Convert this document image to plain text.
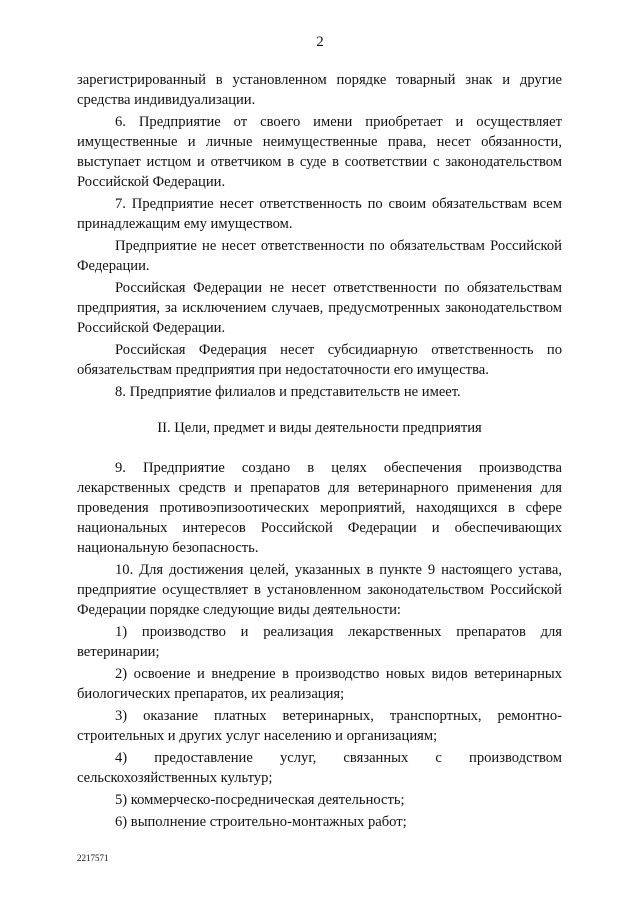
2

зарегистрированный в установленном порядке товарный знак и другие средства индивидуализации.

6. Предприятие от своего имени приобретает и осуществляет имущественные и личные неимущественные права, несет обязанности, выступает истцом и ответчиком в суде в соответствии с законодательством Российской Федерации.

7. Предприятие несет ответственность по своим обязательствам всем принадлежащим ему имуществом.

Предприятие не несет ответственности по обязательствам Российской Федерации.

Российская Федерации не несет ответственности по обязательствам предприятия, за исключением случаев, предусмотренных законодательством Российской Федерации.

Российская Федерация несет субсидиарную ответственность по обязательствам предприятия при недостаточности его имущества.

8. Предприятие филиалов и представительств не имеет.

II. Цели, предмет и виды деятельности предприятия

9. Предприятие создано в целях обеспечения производства лекарственных средств и препаратов для ветеринарного применения для проведения противоэпизоотических мероприятий, находящихся в сфере национальных интересов Российской Федерации и обеспечивающих национальную безопасность.

10. Для достижения целей, указанных в пункте 9 настоящего устава, предприятие осуществляет в установленном законодательством Российской Федерации порядке следующие виды деятельности:

1) производство и реализация лекарственных препаратов для ветеринарии;

2) освоение и внедрение в производство новых видов ветеринарных биологических препаратов, их реализация;

3) оказание платных ветеринарных, транспортных, ремонтно-строительных и других услуг населению и организациям;

4) предоставление услуг, связанных с производством сельскохозяйственных культур;

5) коммерческо-посредническая деятельность;

6) выполнение строительно-монтажных работ;

2217571
